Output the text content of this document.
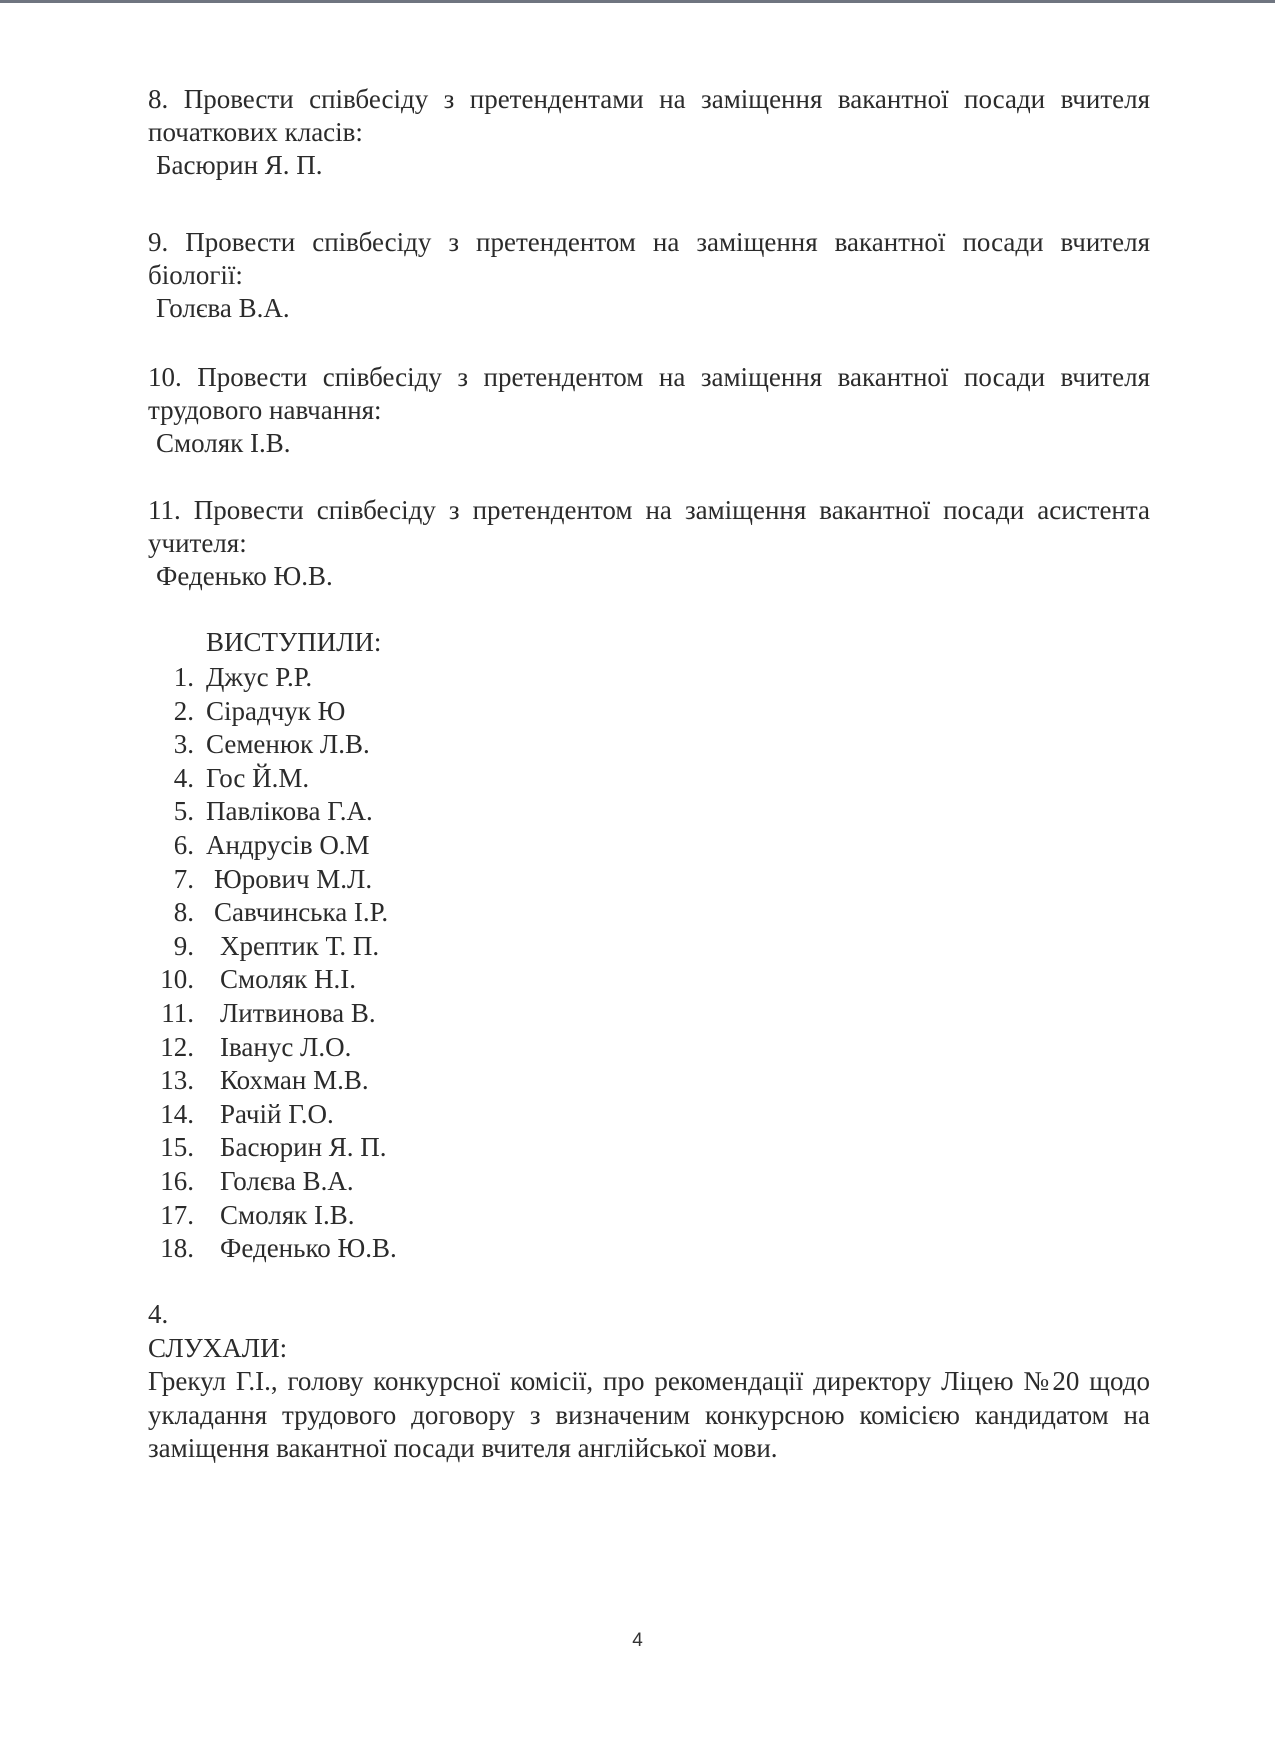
8. Провести співбесіду з претендентами на заміщення вакантної посади вчителя початкових класів:
Басюрин Я. П.
9. Провести співбесіду з претендентом на заміщення вакантної посади вчителя біології:
Голєва В.А.
10. Провести співбесіду з претендентом на заміщення вакантної посади вчителя трудового навчання:
Смоляк І.В.
11. Провести співбесіду з претендентом на заміщення вакантної посади асистента учителя:
Феденько Ю.В.
ВИСТУПИЛИ:
1. Джус Р.Р.
2. Сірадчук Ю
3. Семенюк Л.В.
4. Гос Й.М.
5. Павлікова Г.А.
6. Андрусів О.М
7. Юрович М.Л.
8. Савчинська І.Р.
9. Хрептик Т. П.
10. Смоляк Н.І.
11. Литвинова В.
12. Іванус Л.О.
13. Кохман М.В.
14. Рачій Г.О.
15. Басюрин Я. П.
16. Голєва В.А.
17. Смоляк І.В.
18. Феденько Ю.В.
4.
СЛУХАЛИ:
Грекул Г.І., голову конкурсної комісії, про рекомендації директору Ліцею №20 щодо укладання трудового договору з визначеним конкурсною комісією кандидатом на заміщення вакантної посади вчителя англійської мови.
4
